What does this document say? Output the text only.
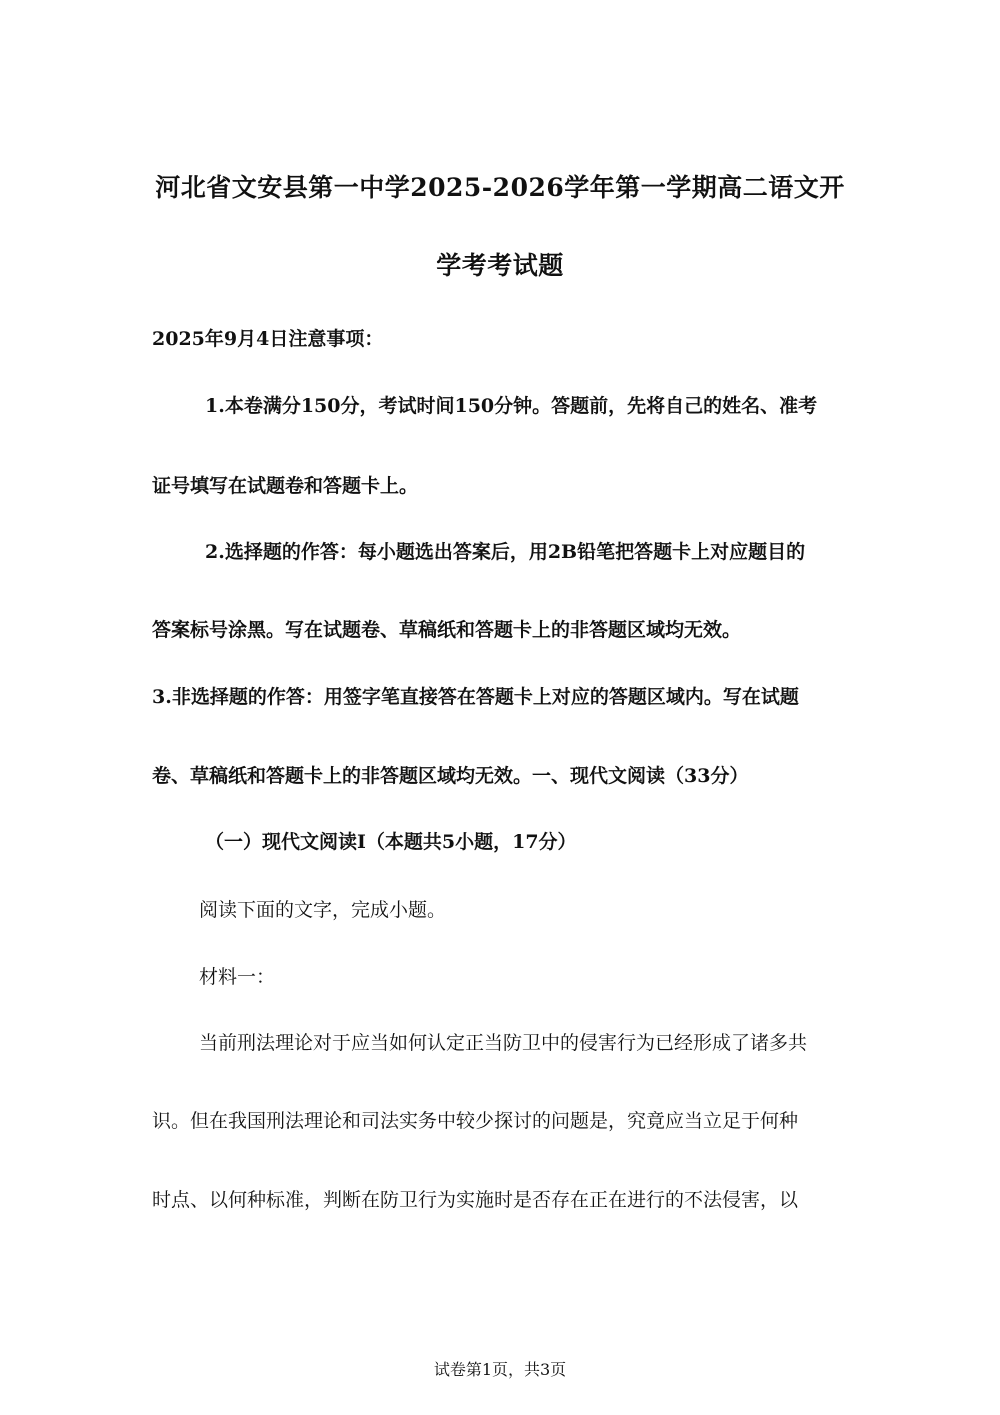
河北省文安县第一中学2025-2026学年第一学期高二语文开
学考考试题
2025年9月4日注意事项：
1.本卷满分150分，考试时间150分钟。答题前，先将自己的姓名、准考
证号填写在试题卷和答题卡上。
2.选择题的作答：每小题选出答案后，用2B铅笔把答题卡上对应题目的
答案标号涂黑。写在试题卷、草稿纸和答题卡上的非答题区域均无效。
3.非选择题的作答：用签字笔直接答在答题卡上对应的答题区域内。写在试题
卷、草稿纸和答题卡上的非答题区域均无效。一、现代文阅读（33分）
（一）现代文阅读Ⅰ（本题共5小题，17分）
阅读下面的文字，完成小题。
材料一：
当前刑法理论对于应当如何认定正当防卫中的侵害行为已经形成了诸多共
识。但在我国刑法理论和司法实务中较少探讨的问题是，究竟应当立足于何种
时点、以何种标准，判断在防卫行为实施时是否存在正在进行的不法侵害，以
试卷第1页，共3页
